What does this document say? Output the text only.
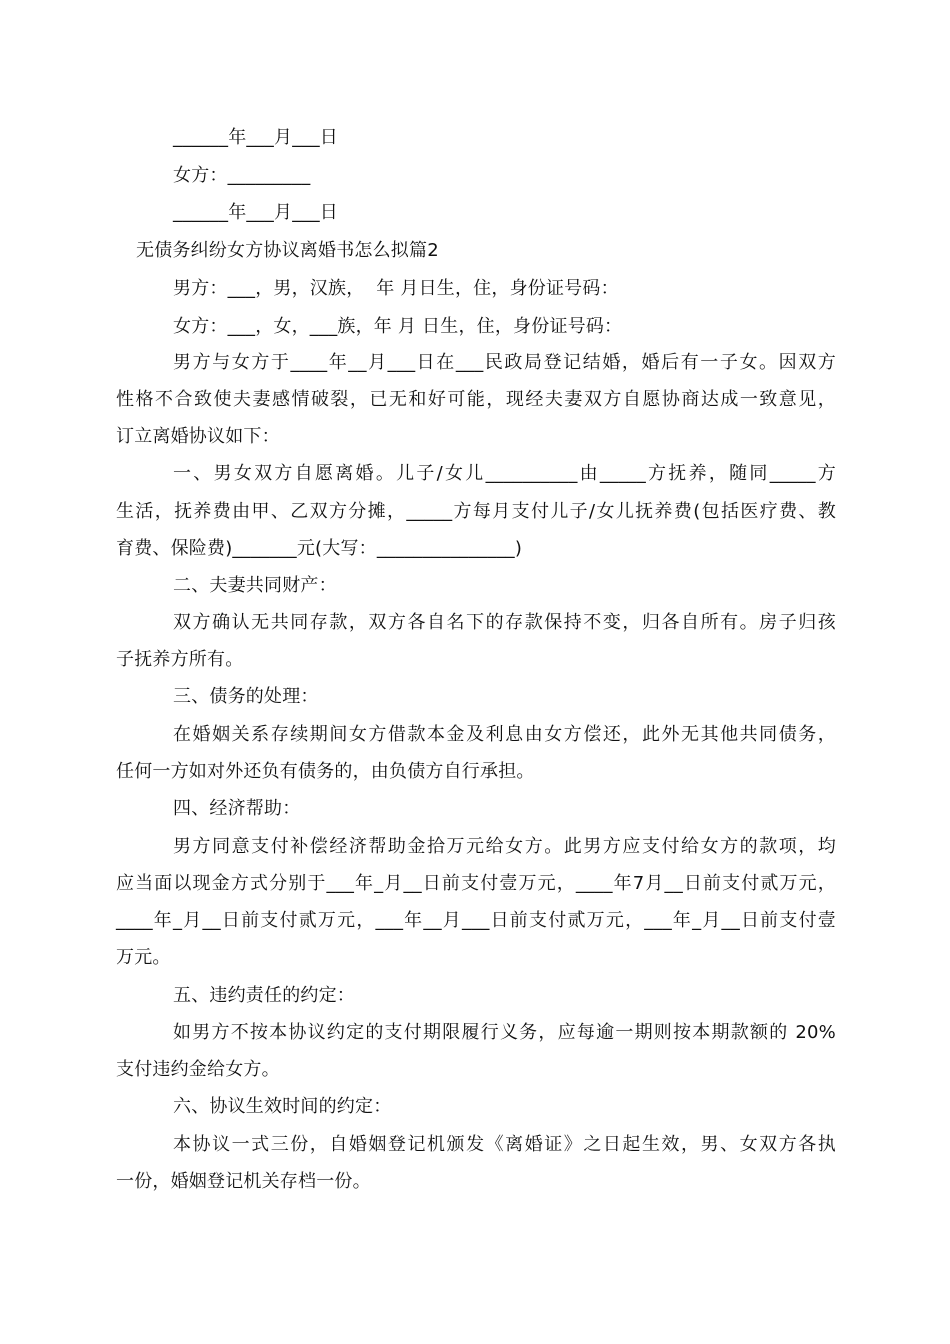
______年___月___日
女方：_________
______年___月___日
无债务纠纷女方协议离婚书怎么拟篇2
男方：___，男，汉族，  年 月日生，住，身份证号码：
女方：___，女，___族，年 月 日生，住，身份证号码：
男方与女方于____年__月___日在___民政局登记结婚，婚后有一子女。因双方
性格不合致使夫妻感情破裂，已无和好可能，现经夫妻双方自愿协商达成一致意见，
订立离婚协议如下：
一、男女双方自愿离婚。儿子/女儿__________由_____方抚养，随同_____方
生活，抚养费由甲、乙双方分摊，_____方每月支付儿子/女儿抚养费(包括医疗费、教
育费、保险费)_______元(大写：_______________)
二、夫妻共同财产：
双方确认无共同存款，双方各自名下的存款保持不变，归各自所有。房子归孩
子抚养方所有。
三、债务的处理：
在婚姻关系存续期间女方借款本金及利息由女方偿还，此外无其他共同债务，
任何一方如对外还负有债务的，由负债方自行承担。
四、经济帮助：
男方同意支付补偿经济帮助金拾万元给女方。此男方应支付给女方的款项，均
应当面以现金方式分别于___年_月__日前支付壹万元，____年7月__日前支付贰万元，
____年_月__日前支付贰万元，___年__月___日前支付贰万元，___年_月__日前支付壹
万元。
五、违约责任的约定：
如男方不按本协议约定的支付期限履行义务，应每逾一期则按本期款额的 20%
支付违约金给女方。
六、协议生效时间的约定：
本协议一式三份，自婚姻登记机颁发《离婚证》之日起生效，男、女双方各执
一份，婚姻登记机关存档一份。
